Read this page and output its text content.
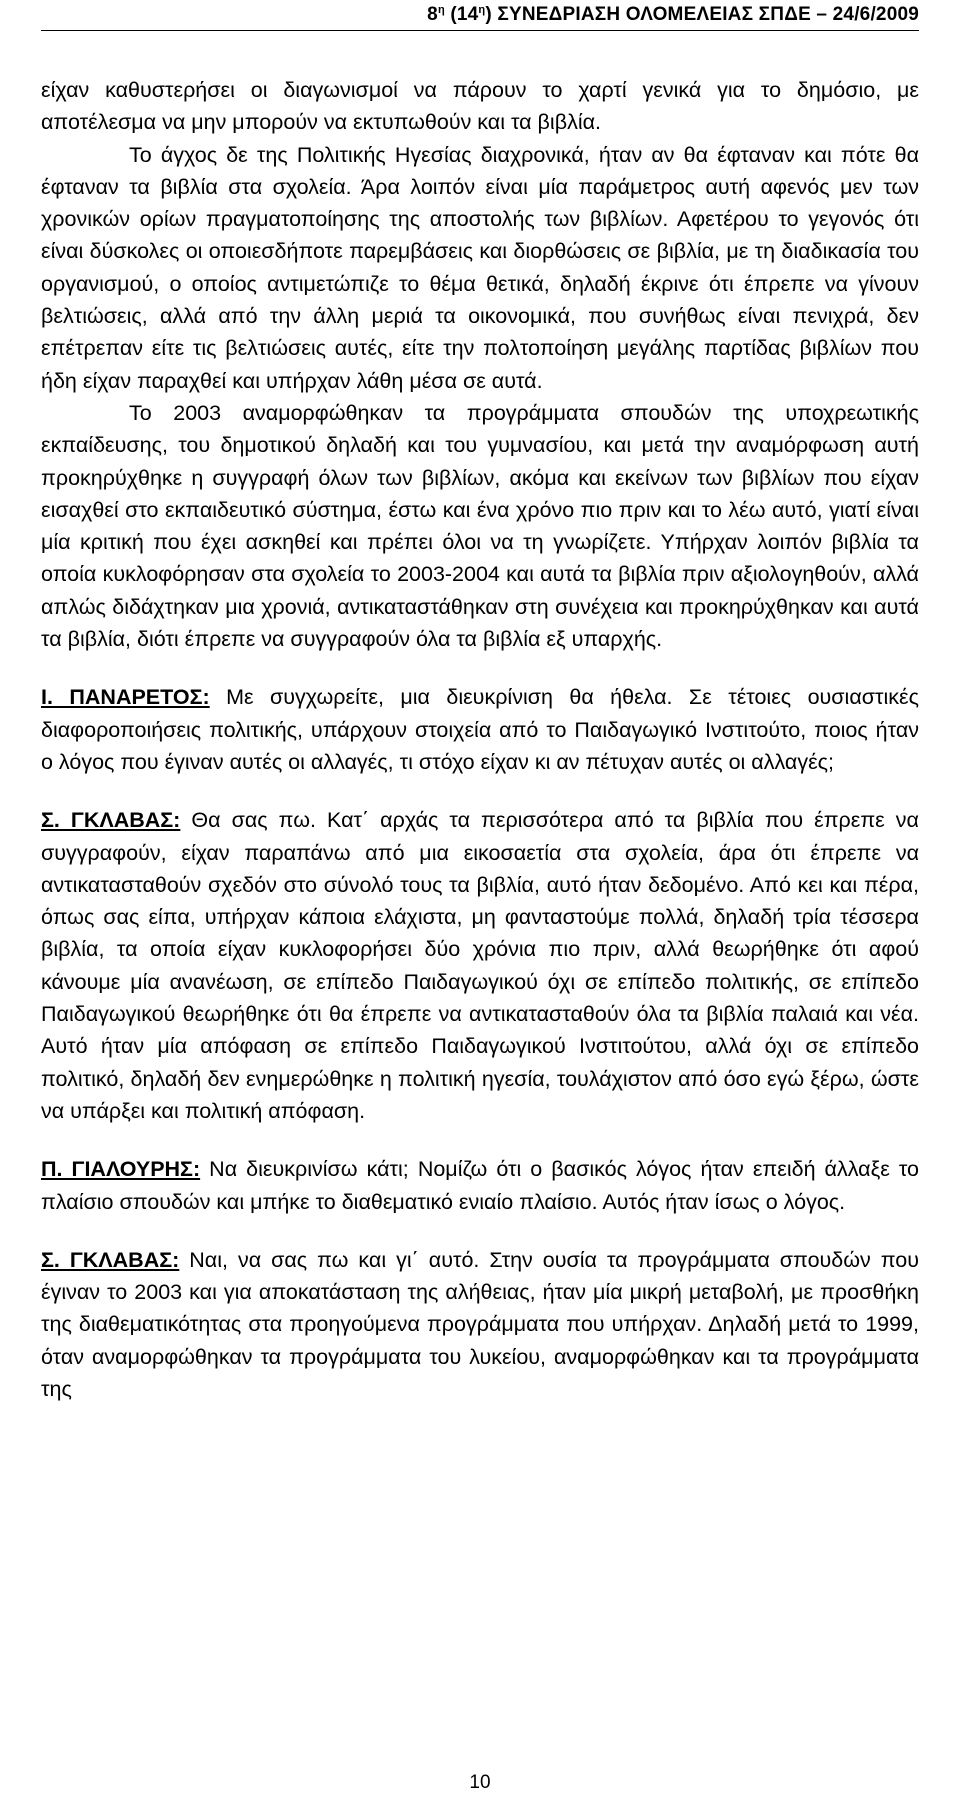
$8^\eta$ $(14^\eta)$ ΣΥΝΕΔΡΙΑΣΗ ΟΛΟΜΕΛΕΙΑΣ ΣΠΔΕ – 24/6/2009

είχαν καθυστερήσει οι διαγωνισμοί να πάρουν το χαρτί γενικά για το δημόσιο, με αποτέλεσμα να μην μπορούν να εκτυπωθούν και τα βιβλία.

Το άγχος δε της Πολιτικής Ηγεσίας διαχρονικά, ήταν αν θα έφταναν και πότε θα έφταναν τα βιβλία στα σχολεία. Άρα λοιπόν είναι μία παράμετρος αυτή αφενός μεν των χρονικών ορίων πραγματοποίησης της αποστολής των βιβλίων. Αφετέρου το γεγονός ότι είναι δύσκολες οι οποιεσδήποτε παρεμβάσεις και διορθώσεις σε βιβλία, με τη διαδικασία του οργανισμού, ο οποίος αντιμετώπιζε το θέμα θετικά, δηλαδή έκρινε ότι έπρεπε να γίνουν βελτιώσεις, αλλά από την άλλη μεριά τα οικονομικά, που συνήθως είναι πενιχρά, δεν επέτρεπαν είτε τις βελτιώσεις αυτές, είτε την πολτοποίηση μεγάλης παρτίδας βιβλίων που ήδη είχαν παραχθεί και υπήρχαν λάθη μέσα σε αυτά.

Το 2003 αναμορφώθηκαν τα προγράμματα σπουδών της υποχρεωτικής εκπαίδευσης, του δημοτικού δηλαδή και του γυμνασίου, και μετά την αναμόρφωση αυτή προκηρύχθηκε η συγγραφή όλων των βιβλίων, ακόμα και εκείνων των βιβλίων που είχαν εισαχθεί στο εκπαιδευτικό σύστημα, έστω και ένα χρόνο πιο πριν και το λέω αυτό, γιατί είναι μία κριτική που έχει ασκηθεί και πρέπει όλοι να τη γνωρίζετε. Υπήρχαν λοιπόν βιβλία τα οποία κυκλοφόρησαν στα σχολεία το 2003-2004 και αυτά τα βιβλία πριν αξιολογηθούν, αλλά απλώς διδάχτηκαν μια χρονιά, αντικαταστάθηκαν στη συνέχεια και προκηρύχθηκαν και αυτά τα βιβλία, διότι έπρεπε να συγγραφούν όλα τα βιβλία εξ υπαρχής.

Ι. ΠΑΝΑΡΕΤΟΣ: Με συγχωρείτε, μια διευκρίνιση θα ήθελα. Σε τέτοιες ουσιαστικές διαφοροποιήσεις πολιτικής, υπάρχουν στοιχεία από το Παιδαγωγικό Ινστιτούτο, ποιος ήταν ο λόγος που έγιναν αυτές οι αλλαγές, τι στόχο είχαν κι αν πέτυχαν αυτές οι αλλαγές;

Σ. ΓΚΛΑΒΑΣ: Θα σας πω. Κατ΄ αρχάς τα περισσότερα από τα βιβλία που έπρεπε να συγγραφούν, είχαν παραπάνω από μια εικοσαετία στα σχολεία, άρα ότι έπρεπε να αντικατασταθούν σχεδόν στο σύνολό τους τα βιβλία, αυτό ήταν δεδομένο. Από κει και πέρα, όπως σας είπα, υπήρχαν κάποια ελάχιστα, μη φανταστούμε πολλά, δηλαδή τρία τέσσερα βιβλία, τα οποία είχαν κυκλοφορήσει δύο χρόνια πιο πριν, αλλά θεωρήθηκε ότι αφού κάνουμε μία ανανέωση, σε επίπεδο Παιδαγωγικού όχι σε επίπεδο πολιτικής, σε επίπεδο Παιδαγωγικού θεωρήθηκε ότι θα έπρεπε να αντικατασταθούν όλα τα βιβλία παλαιά και νέα. Αυτό ήταν μία απόφαση σε επίπεδο Παιδαγωγικού Ινστιτούτου, αλλά όχι σε επίπεδο πολιτικό, δηλαδή δεν ενημερώθηκε η πολιτική ηγεσία, τουλάχιστον από όσο εγώ ξέρω, ώστε να υπάρξει και πολιτική απόφαση.

Π. ΓΙΑΛΟΥΡΗΣ: Να διευκρινίσω κάτι; Νομίζω ότι ο βασικός λόγος ήταν επειδή άλλαξε το πλαίσιο σπουδών και μπήκε το διαθεματικό ενιαίο πλαίσιο. Αυτός ήταν ίσως ο λόγος.

Σ. ΓΚΛΑΒΑΣ: Ναι, να σας πω και γι΄ αυτό. Στην ουσία τα προγράμματα σπουδών που έγιναν το 2003 και για αποκατάσταση της αλήθειας, ήταν μία μικρή μεταβολή, με προσθήκη της διαθεματικότητας στα προηγούμενα προγράμματα που υπήρχαν. Δηλαδή μετά το 1999, όταν αναμορφώθηκαν τα προγράμματα του λυκείου, αναμορφώθηκαν και τα προγράμματα της

10
